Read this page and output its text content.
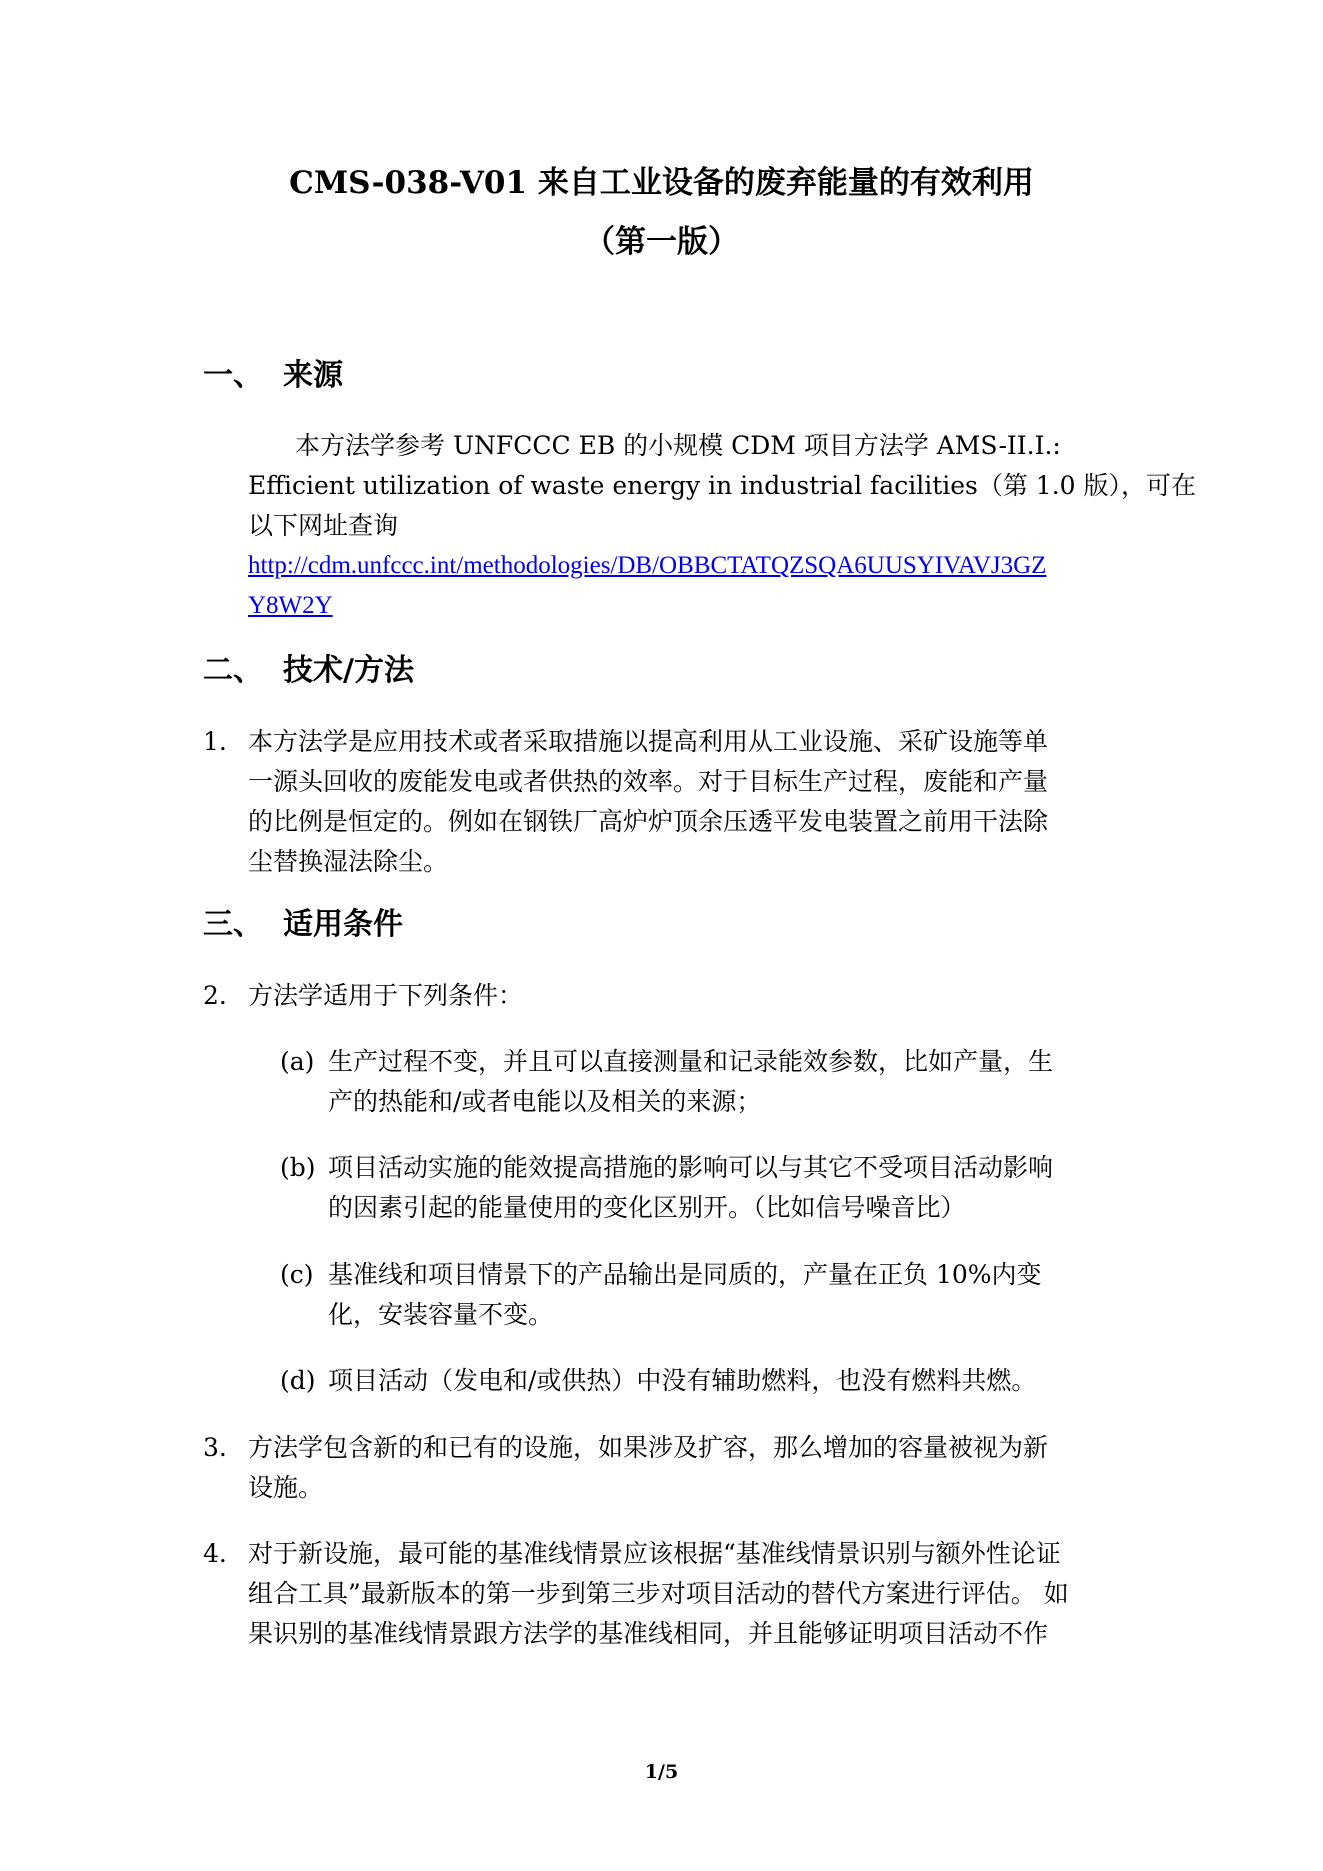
CMS-038-V01 来自工业设备的废弃能量的有效利用
（第一版）
一、 来源
本方法学参考 UNFCCC EB 的小规模 CDM 项目方法学 AMS-II.I.:
Efficient utilization of waste energy in industrial facilities（第 1.0 版），可在
以下网址查询
http://cdm.unfccc.int/methodologies/DB/OBBCTATQZSQA6UUSYIVAVJ3GZ
Y8W2Y
二、 技术/方法
1. 本方法学是应用技术或者采取措施以提高利用从工业设施、采矿设施等单
一源头回收的废能发电或者供热的效率。对于目标生产过程，废能和产量
的比例是恒定的。例如在钢铁厂高炉炉顶余压透平发电装置之前用干法除
尘替换湿法除尘。
三、 适用条件
2. 方法学适用于下列条件：
(a) 生产过程不变，并且可以直接测量和记录能效参数，比如产量，生
产的热能和/或者电能以及相关的来源；
(b) 项目活动实施的能效提高措施的影响可以与其它不受项目活动影响
的因素引起的能量使用的变化区别开。（比如信号噪音比）
(c) 基准线和项目情景下的产品输出是同质的，产量在正负 10%内变
化，安装容量不变。
(d) 项目活动（发电和/或供热）中没有辅助燃料，也没有燃料共燃。
3. 方法学包含新的和已有的设施，如果涉及扩容，那么增加的容量被视为新
设施。
4. 对于新设施，最可能的基准线情景应该根据“基准线情景识别与额外性论证
组合工具”最新版本的第一步到第三步对项目活动的替代方案进行评估。 如
果识别的基准线情景跟方法学的基准线相同，并且能够证明项目活动不作
1/5
